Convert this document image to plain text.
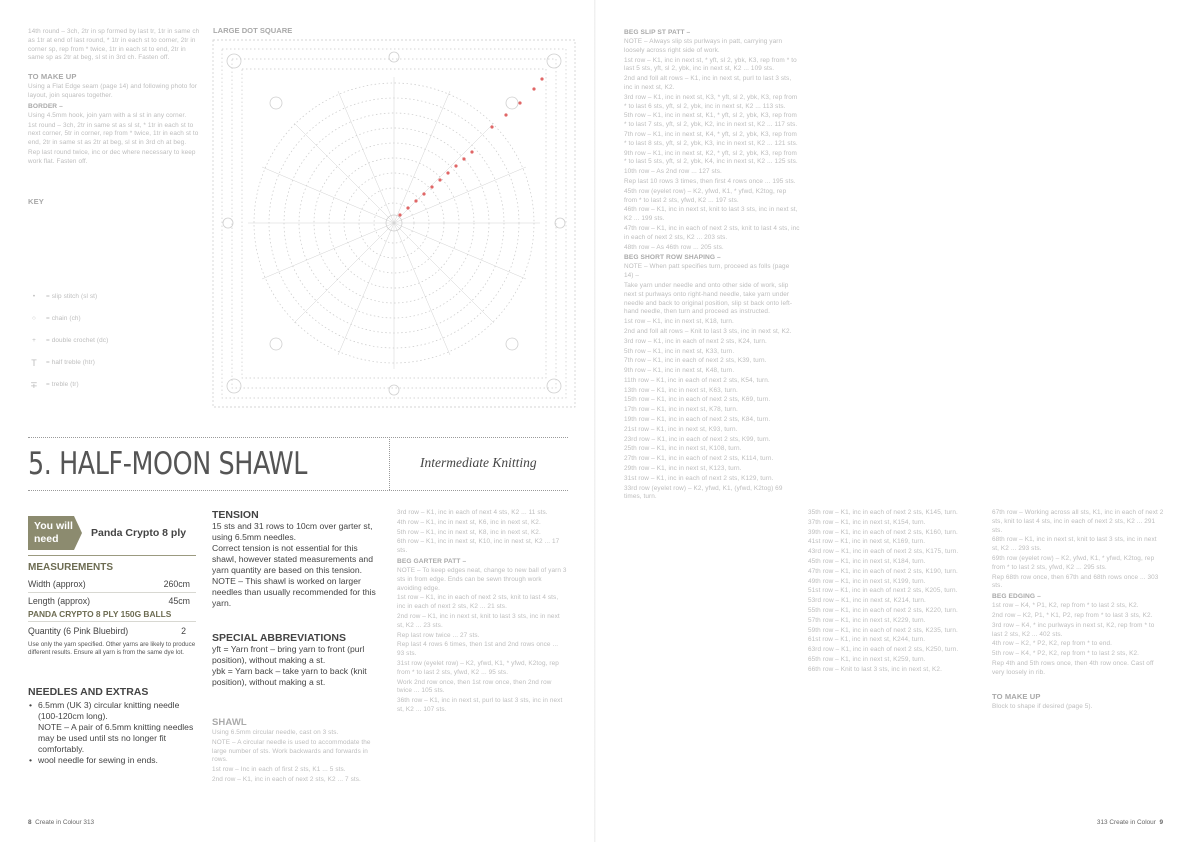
14th round – 3ch, 2tr in sp formed by last tr, 1tr in same ch as 1tr at end of last round, * 1tr in each st to corner, 2tr in corner sp, rep from * twice, 1tr in each st to end, 2tr in same sp as 2tr at beg, sl st in 3rd ch. Fasten off.

TO MAKE UP

Using a Flat Edge seam (page 14) and following photo for layout, join squares together.

BORDER –

Using 4.5mm hook, join yarn with a sl st in any corner.

1st round – 3ch, 2tr in same st as sl st, * 1tr in each st to next corner, 5tr in corner, rep from * twice, 1tr in each st to end, 2tr in same st as 2tr at beg, sl st in 3rd ch at beg.

Rep last round twice, inc or dec where necessary to keep work flat. Fasten off.

KEY

•	= slip stitch (sl st)
○	= chain (ch)
+	= double crochet (dc)
T	= half treble (htr)
∓	= treble (tr)
LARGE DOT SQUARE
5. HALF-MOON SHAWL	Intermediate Knitting
You will
need	Panda Crypto 8 ply
MEASUREMENTS
Width (approx)	260cm
Length (approx)	45cm
PANDA CRYPTO 8 PLY 150G BALLS
Quantity (6 Pink Bluebird)	2
Use only the yarn specified. Other yarns are likely to produce different results. Ensure all yarn is from the same dye lot.
NEEDLES AND EXTRAS
• 6.5mm (UK 3) circular knitting needle (100-120cm long).
NOTE – A pair of 6.5mm knitting needles may be used until sts no longer fit comfortably.
• wool needle for sewing in ends.
TENSION
15 sts and 31 rows to 10cm over garter st, using 6.5mm needles.
Correct tension is not essential for this shawl, however stated measurements and yarn quantity are based on this tension.
NOTE – This shawl is worked on larger needles than usually recommended for this yarn.
SPECIAL ABBREVIATIONS
yft = Yarn front – bring yarn to front (purl position), without making a st.
ybk = Yarn back – take yarn to back (knit position), without making a st.

SHAWL

Using 6.5mm circular needle, cast on 3 sts.

NOTE – A circular needle is used to accommodate the large number of sts. Work backwards and forwards in rows.

1st row – Inc in each of first 2 sts, K1 ... 5 sts.

2nd row – K1, inc in each of next 2 sts, K2 ... 7 sts.

3rd row – K1, inc in each of next 4 sts, K2 ... 11 sts.

4th row – K1, inc in next st, K6, inc in next st, K2.

5th row – K1, inc in next st, K8, inc in next st, K2.

6th row – K1, inc in next st, K10, inc in next st, K2 ... 17 sts.

BEG GARTER PATT –

NOTE – To keep edges neat, change to new ball of yarn 3 sts in from edge. Ends can be sewn through work avoiding edge.

1st row – K1, inc in each of next 2 sts, knit to last 4 sts, inc in each of next 2 sts, K2 ... 21 sts.

2nd row – K1, inc in next st, knit to last 3 sts, inc in next st, K2 ... 23 sts.

Rep last row twice ... 27 sts.

Rep last 4 rows 6 times, then 1st and 2nd rows once ... 93 sts.

31st row (eyelet row) – K2, yfwd, K1, * yfwd, K2tog, rep from * to last 2 sts, yfwd, K2 ... 95 sts.

Work 2nd row once, then 1st row once, then 2nd row twice ... 105 sts.

36th row – K1, inc in next st, purl to last 3 sts, inc in next st, K2 ... 107 sts.

8 Create in Colour 313

BEG SLIP ST PATT –

NOTE – Always slip sts purlways in patt, carrying yarn loosely across right side of work.

1st row – K1, inc in next st, * yft, sl 2, ybk, K3, rep from * to last 5 sts, yft, sl 2, ybk, inc in next st, K2 ... 109 sts.

2nd and foll alt rows – K1, inc in next st, purl to last 3 sts, inc in next st, K2.

3rd row – K1, inc in next st, K3, * yft, sl 2, ybk, K3, rep from * to last 6 sts, yft, sl 2, ybk, inc in next st, K2 ... 113 sts.

5th row – K1, inc in next st, K1, * yft, sl 2, ybk, K3, rep from * to last 7 sts, yft, sl 2, ybk, K2, inc in next st, K2 ... 117 sts.

7th row – K1, inc in next st, K4, * yft, sl 2, ybk, K3, rep from * to last 8 sts, yft, sl 2, ybk, K3, inc in next st, K2 ... 121 sts.

9th row – K1, inc in next st, K2, * yft, sl 2, ybk, K3, rep from * to last 5 sts, yft, sl 2, ybk, K4, inc in next st, K2 ... 125 sts.

10th row – As 2nd row ... 127 sts.

Rep last 10 rows 3 times, then first 4 rows once ... 195 sts.

45th row (eyelet row) – K2, yfwd, K1, * yfwd, K2tog, rep from * to last 2 sts, yfwd, K2 ... 197 sts.

46th row – K1, inc in next st, knit to last 3 sts, inc in next st, K2 ... 199 sts.

47th row – K1, inc in each of next 2 sts, knit to last 4 sts, inc in each of next 2 sts, K2 ... 203 sts.

48th row – As 46th row ... 205 sts.

BEG SHORT ROW SHAPING –

NOTE – When patt specifies turn, proceed as folls (page 14) –

Take yarn under needle and onto other side of work, slip next st purlways onto right-hand needle, take yarn under needle and back to original position, slip st back onto left-hand needle, then turn and proceed as instructed.

1st row – K1, inc in next st, K18, turn.

2nd and foll alt rows – Knit to last 3 sts, inc in next st, K2.

3rd row – K1, inc in each of next 2 sts, K24, turn.

5th row – K1, inc in next st, K33, turn.

7th row – K1, inc in each of next 2 sts, K39, turn.

9th row – K1, inc in next st, K48, turn.

11th row – K1, inc in each of next 2 sts, K54, turn.

13th row – K1, inc in next st, K63, turn.

15th row – K1, inc in each of next 2 sts, K69, turn.

17th row – K1, inc in next st, K78, turn.

19th row – K1, inc in each of next 2 sts, K84, turn.

21st row – K1, inc in next st, K93, turn.

23rd row – K1, inc in each of next 2 sts, K99, turn.

25th row – K1, inc in next st, K108, turn.

27th row – K1, inc in each of next 2 sts, K114, turn.

29th row – K1, inc in next st, K123, turn.

31st row – K1, inc in each of next 2 sts, K129, turn.

33rd row (eyelet row) – K2, yfwd, K1, (yfwd, K2tog) 69 times, turn.

35th row – K1, inc in each of next 2 sts, K145, turn.

37th row – K1, inc in next st, K154, turn.

39th row – K1, inc in each of next 2 sts, K160, turn.

41st row – K1, inc in next st, K169, turn.

43rd row – K1, inc in each of next 2 sts, K175, turn.

45th row – K1, inc in next st, K184, turn.

47th row – K1, inc in each of next 2 sts, K190, turn.

49th row – K1, inc in next st, K199, turn.

51st row – K1, inc in each of next 2 sts, K205, turn.

53rd row – K1, inc in next st, K214, turn.

55th row – K1, inc in each of next 2 sts, K220, turn.

57th row – K1, inc in next st, K229, turn.

59th row – K1, inc in each of next 2 sts, K235, turn.

61st row – K1, inc in next st, K244, turn.

63rd row – K1, inc in each of next 2 sts, K250, turn.

65th row – K1, inc in next st, K259, turn.

66th row – Knit to last 3 sts, inc in next st, K2.

67th row – Working across all sts, K1, inc in each of next 2 sts, knit to last 4 sts, inc in each of next 2 sts, K2 ... 291 sts.

68th row – K1, inc in next st, knit to last 3 sts, inc in next st, K2 ... 293 sts.

69th row (eyelet row) – K2, yfwd, K1, * yfwd, K2tog, rep from * to last 2 sts, yfwd, K2 ... 295 sts.

Rep 68th row once, then 67th and 68th rows once ... 303 sts.

BEG EDGING –

1st row – K4, * P1, K2, rep from * to last 2 sts, K2.

2nd row – K2, P1, * K1, P2, rep from * to last 3 sts, K2.

3rd row – K4, * inc purlways in next st, K2, rep from * to last 2 sts, K2 ... 402 sts.

4th row – K2, * P2, K2, rep from * to end.

5th row – K4, * P2, K2, rep from * to last 2 sts, K2.

Rep 4th and 5th rows once, then 4th row once. Cast off very loosely in rib.

TO MAKE UP

Block to shape if desired (page 5).

313 Create in Colour 9
